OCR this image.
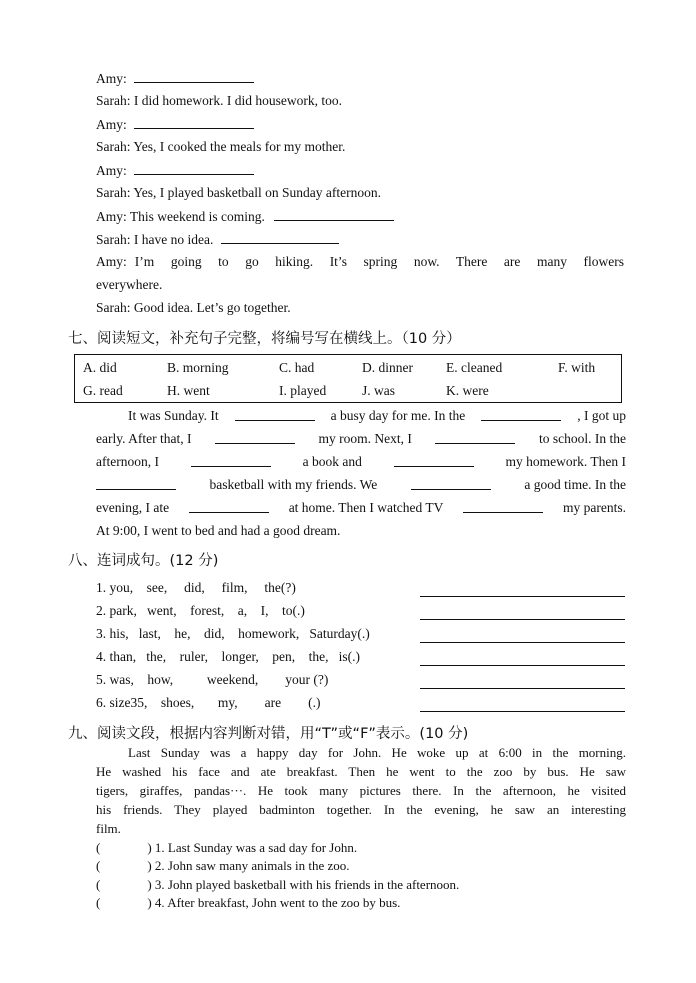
Amy:
Sarah: I did homework. I did housework, too.
Amy:
Sarah: Yes, I cooked the meals for my mother.
Amy:
Sarah: Yes, I played basketball on Sunday afternoon.
Amy: This weekend is coming.
Sarah: I have no idea.
Amy: I’m going to go hiking. It’s spring now. There are many flowers
everywhere.
Sarah: Good idea. Let’s go together.
七、阅读短文，补充句子完整，将编号写在横线上。（10 分）
A. did	B. morning	C. had	D. dinner E. cleaned	F. with
G. read	H. went	I. played	J. was	K. were
It was Sunday. It	a busy day for me. In the	, I got up
early. After that, I	my room. Next, I	to school. In the
afternoon, I	a book and	my homework. Then I
basketball with my friends. We	a good time. In the
evening, I ate	at home. Then I watched TV	my parents.
At 9:00, I went to bed and had a good dream.
八、连词成句。(12 分)
1. you, see, did, film, the(?)
2. park, went, forest, a, I, to(.)
3. his, last, he, did, homework, Saturday(.)
4. than, the, ruler, longer, pen, the, is(.)
5. was, how,	weekend, your (?)
6. size35, shoes, my, are (.)
九、阅读文段，根据内容判断对错，用“T”或“F”表示。(10 分)
Last Sunday was a happy day for John. He woke up at 6:00 in the morning.
He washed his face and ate breakfast. Then he went to the zoo by bus. He saw
tigers, giraffes, pandas···. He took many pictures there. In the afternoon, he visited
his friends. They played badminton together. In the evening, he saw an interesting
film.
(	) 1. Last Sunday was a sad day for John.
(	) 2. John saw many animals in the zoo.
(	) 3. John played basketball with his friends in the afternoon.
(	) 4. After breakfast, John went to the zoo by bus.
